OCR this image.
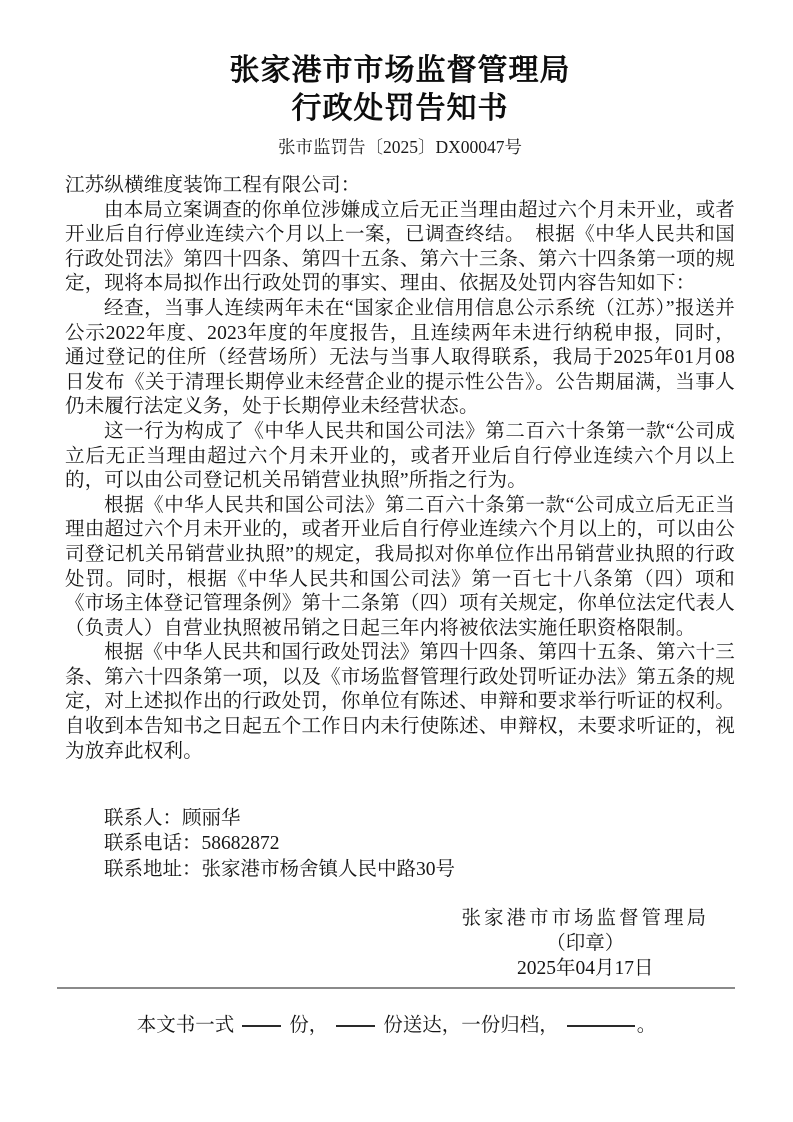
张家港市市场监督管理局
行政处罚告知书
张市监罚告〔2025〕DX00047号

江苏纵横维度装饰工程有限公司：

由本局立案调查的你单位涉嫌成立后无正当理由超过六个月未开业，或者开业后自行停业连续六个月以上一案，已调查终结。　根据《中华人民共和国行政处罚法》第四十四条、第四十五条、第六十三条、第六十四条第一项的规定，现将本局拟作出行政处罚的事实、理由、依据及处罚内容告知如下：

经查，当事人连续两年未在“国家企业信用信息公示系统（江苏）”报送并公示2022年度、2023年度的年度报告，且连续两年未进行纳税申报，同时，通过登记的住所（经营场所）无法与当事人取得联系，我局于2025年01月08日发布《关于清理长期停业未经营企业的提示性公告》。公告期届满，当事人仍未履行法定义务，处于长期停业未经营状态。

这一行为构成了《中华人民共和国公司法》第二百六十条第一款“公司成立后无正当理由超过六个月未开业的，或者开业后自行停业连续六个月以上的，可以由公司登记机关吊销营业执照”所指之行为。

根据《中华人民共和国公司法》第二百六十条第一款“公司成立后无正当理由超过六个月未开业的，或者开业后自行停业连续六个月以上的，可以由公司登记机关吊销营业执照”的规定，我局拟对你单位作出吊销营业执照的行政处罚。同时，根据《中华人民共和国公司法》第一百七十八条第（四）项和《市场主体登记管理条例》第十二条第（四）项有关规定，你单位法定代表人（负责人）自营业执照被吊销之日起三年内将被依法实施任职资格限制。

根据《中华人民共和国行政处罚法》第四十四条、第四十五条、第六十三条、第六十四条第一项，以及《市场监督管理行政处罚听证办法》第五条的规定，对上述拟作出的行政处罚，你单位有陈述、申辩和要求举行听证的权利。自收到本告知书之日起五个工作日内未行使陈述、申辩权，未要求听证的，视为放弃此权利。

联系人：顾丽华

联系电话：58682872

联系地址：张家港市杨舍镇人民中路30号

张家港市市场监督管理局
（印章）
2025年04月17日
本文书一式	份，	份送达，一份归档，	。
